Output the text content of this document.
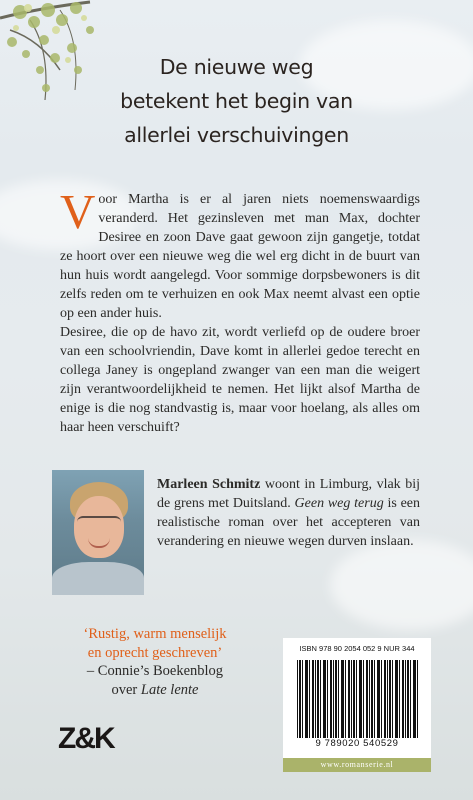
De nieuwe weg
betekent het begin van
allerlei verschuivingen

Voor Martha is er al jaren niets noemenswaardigs veranderd. Het gezinsleven met man Max, dochter Desiree en zoon Dave gaat gewoon zijn gangetje, totdat ze hoort over een nieuwe weg die wel erg dicht in de buurt van hun huis wordt aangelegd. Voor sommige dorpsbewoners is dit zelfs reden om te verhuizen en ook Max neemt alvast een optie op een ander huis.

Desiree, die op de havo zit, wordt verliefd op de oudere broer van een schoolvriendin, Dave komt in allerlei gedoe terecht en collega Janey is ongepland zwanger van een man die weigert zijn verantwoordelijkheid te nemen. Het lijkt alsof Martha de enige is die nog standvastig is, maar voor hoelang, als alles om haar heen verschuift?

Marleen Schmitz woont in Limburg, vlak bij de grens met Duitsland. Geen weg terug is een realistische roman over het accepteren van verandering en nieuwe wegen durven inslaan.
‘Rustig, warm menselijk
en oprecht geschreven’
– Connie’s Boekenblog
over Late lente
Z&K
ISBN 978 90 2054 052 9 NUR 344
9 789020 540529
www.romanserie.nl
